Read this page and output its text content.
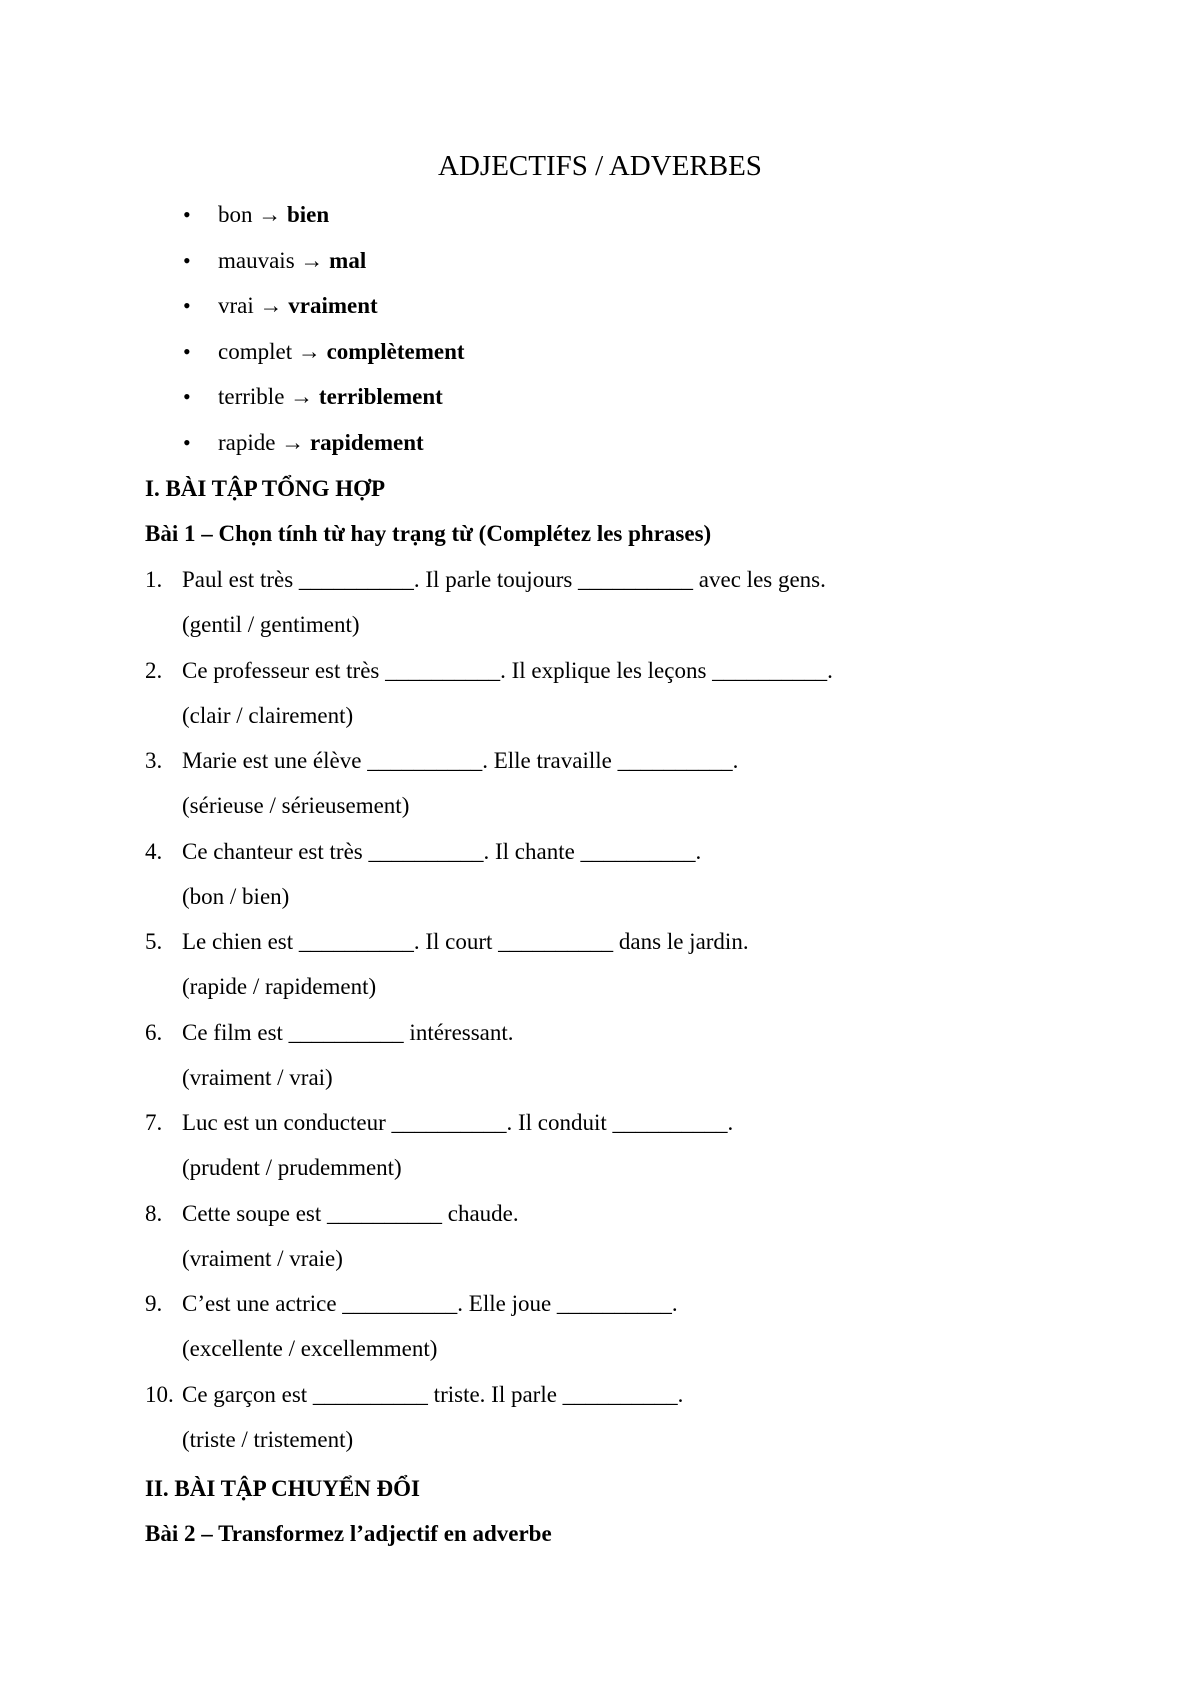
ADJECTIFS / ADVERBES
• bon → bien
• mauvais → mal
• vrai → vraiment
• complet → complètement
• terrible → terriblement
• rapide → rapidement
I. BÀI TẬP TỔNG HỢP
Bài 1 – Chọn tính từ hay trạng từ (Complétez les phrases)
1. Paul est très __________. Il parle toujours __________ avec les gens.
(gentil / gentiment)
2. Ce professeur est très __________. Il explique les leçons __________.
(clair / clairement)
3. Marie est une élève __________. Elle travaille __________.
(sérieuse / sérieusement)
4. Ce chanteur est très __________. Il chante __________.
(bon / bien)
5. Le chien est __________. Il court __________ dans le jardin.
(rapide / rapidement)
6. Ce film est __________ intéressant.
(vraiment / vrai)
7. Luc est un conducteur __________. Il conduit __________.
(prudent / prudemment)
8. Cette soupe est __________ chaude.
(vraiment / vraie)
9. C’est une actrice __________. Elle joue __________.
(excellente / excellemment)
10. Ce garçon est __________ triste. Il parle __________.
(triste / tristement)
II. BÀI TẬP CHUYỂN ĐỔI
Bài 2 – Transformez l’adjectif en adverbe
